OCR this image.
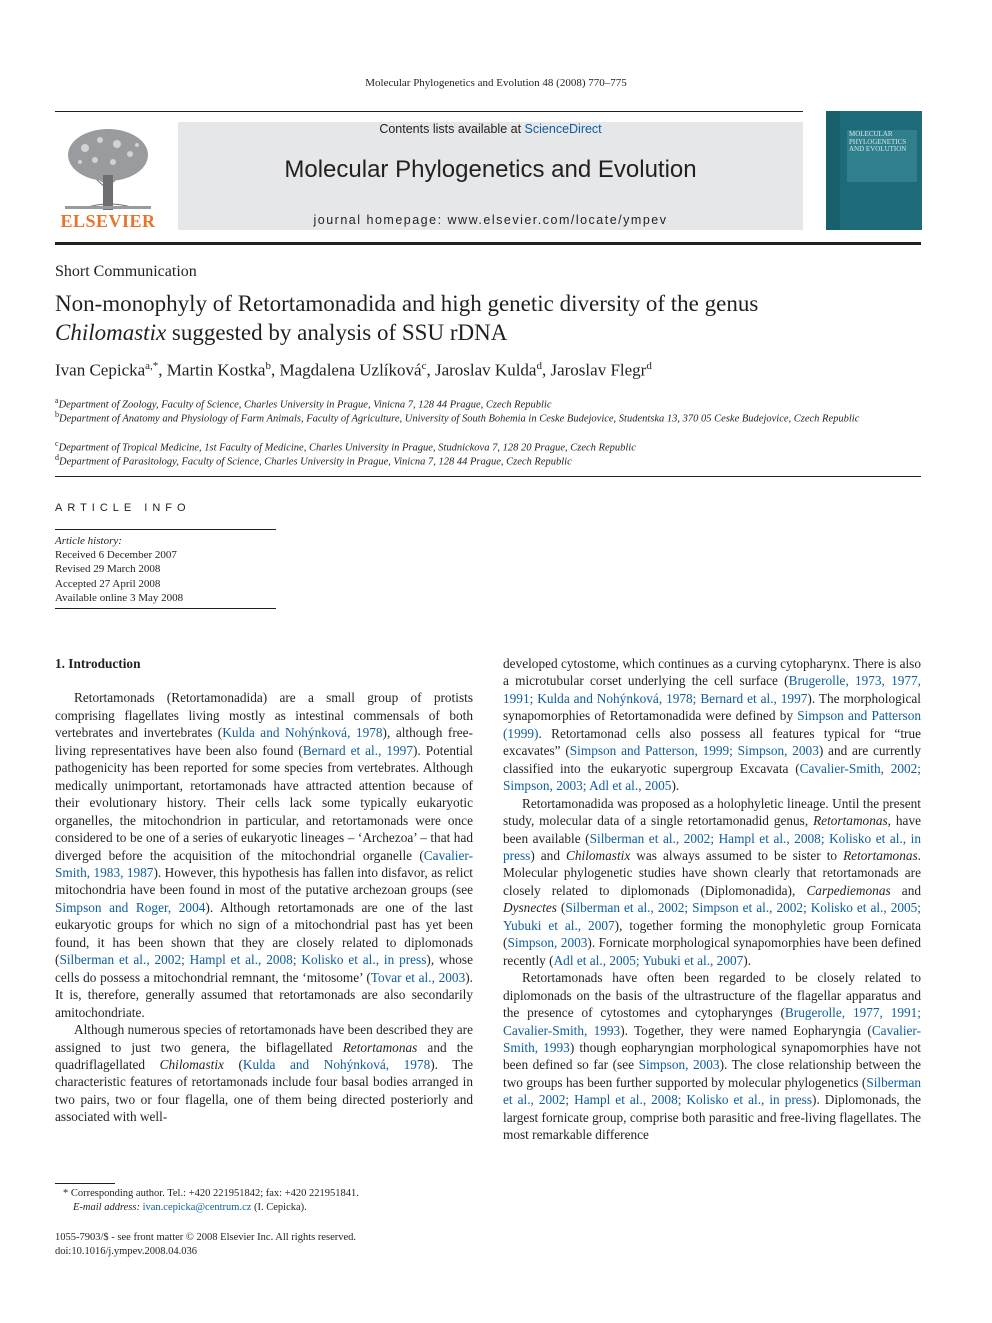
Molecular Phylogenetics and Evolution 48 (2008) 770–775
ELSEVIER
Contents lists available at ScienceDirect
Molecular Phylogenetics and Evolution
journal homepage: www.elsevier.com/locate/ympev
MOLECULAR PHYLOGENETICS AND EVOLUTION
Short Communication
Non-monophyly of Retortamonadida and high genetic diversity of the genus
Chilomastix suggested by analysis of SSU rDNA
Ivan Cepicka$^{a,*}$, Martin Kostka$^b$, Magdalena Uzlíková$^c$, Jaroslav Kulda$^d$, Jaroslav Flegr$^d$
$^a$Department of Zoology, Faculty of Science, Charles University in Prague, Vinicna 7, 128 44 Prague, Czech Republic
$^b$Department of Anatomy and Physiology of Farm Animals, Faculty of Agriculture, University of South Bohemia in Ceske Budejovice, Studentska 13, 370 05 Ceske Budejovice, Czech Republic
$^c$Department of Tropical Medicine, 1st Faculty of Medicine, Charles University in Prague, Studnickova 7, 128 20 Prague, Czech Republic
$^d$Department of Parasitology, Faculty of Science, Charles University in Prague, Vinicna 7, 128 44 Prague, Czech Republic
ARTICLE INFO
Article history:
Received 6 December 2007
Revised 29 March 2008
Accepted 27 April 2008
Available online 3 May 2008

1. Introduction

Retortamonads (Retortamonadida) are a small group of protists comprising flagellates living mostly as intestinal commensals of both vertebrates and invertebrates (Kulda and Nohýnková, 1978), although free-living representatives have been also found (Bernard et al., 1997). Potential pathogenicity has been reported for some species from vertebrates. Although medically unimportant, retortamonads have attracted attention because of their evolutionary history. Their cells lack some typically eukaryotic organelles, the mitochondrion in particular, and retortamonads were once considered to be one of a series of eukaryotic lineages – ‘Archezoa’ – that had diverged before the acquisition of the mitochondrial organelle (Cavalier-Smith, 1983, 1987). However, this hypothesis has fallen into disfavor, as relict mitochondria have been found in most of the putative archezoan groups (see Simpson and Roger, 2004). Although retortamonads are one of the last eukaryotic groups for which no sign of a mitochondrial past has yet been found, it has been shown that they are closely related to diplomonads (Silberman et al., 2002; Hampl et al., 2008; Kolisko et al., in press), whose cells do possess a mitochondrial remnant, the ‘mitosome’ (Tovar et al., 2003). It is, therefore, generally assumed that retortamonads are also secondarily amitochondriate.

Although numerous species of retortamonads have been described they are assigned to just two genera, the biflagellated Retortamonas and the quadriflagellated Chilomastix (Kulda and Nohýnková, 1978). The characteristic features of retortamonads include four basal bodies arranged in two pairs, two or four flagella, one of them being directed posteriorly and associated with well-

developed cytostome, which continues as a curving cytopharynx. There is also a microtubular corset underlying the cell surface (Brugerolle, 1973, 1977, 1991; Kulda and Nohýnková, 1978; Bernard et al., 1997). The morphological synapomorphies of Retortamonadida were defined by Simpson and Patterson (1999). Retortamonad cells also possess all features typical for “true excavates” (Simpson and Patterson, 1999; Simpson, 2003) and are currently classified into the eukaryotic supergroup Excavata (Cavalier-Smith, 2002; Simpson, 2003; Adl et al., 2005).

Retortamonadida was proposed as a holophyletic lineage. Until the present study, molecular data of a single retortamonadid genus, Retortamonas, have been available (Silberman et al., 2002; Hampl et al., 2008; Kolisko et al., in press) and Chilomastix was always assumed to be sister to Retortamonas. Molecular phylogenetic studies have shown clearly that retortamonads are closely related to diplomonads (Diplomonadida), Carpediemonas and Dysnectes (Silberman et al., 2002; Simpson et al., 2002; Kolisko et al., 2005; Yubuki et al., 2007), together forming the monophyletic group Fornicata (Simpson, 2003). Fornicate morphological synapomorphies have been defined recently (Adl et al., 2005; Yubuki et al., 2007).

Retortamonads have often been regarded to be closely related to diplomonads on the basis of the ultrastructure of the flagellar apparatus and the presence of cytostomes and cytopharynges (Brugerolle, 1977, 1991; Cavalier-Smith, 1993). Together, they were named Eopharyngia (Cavalier-Smith, 1993) though eopharyngian morphological synapomorphies have not been defined so far (see Simpson, 2003). The close relationship between the two groups has been further supported by molecular phylogenetics (Silberman et al., 2002; Hampl et al., 2008; Kolisko et al., in press). Diplomonads, the largest fornicate group, comprise both parasitic and free-living flagellates. The most remarkable difference

* Corresponding author. Tel.: +420 221951842; fax: +420 221951841.
E-mail address: ivan.cepicka@centrum.cz (I. Cepicka).
1055-7903/$ - see front matter © 2008 Elsevier Inc. All rights reserved.
doi:10.1016/j.ympev.2008.04.036
